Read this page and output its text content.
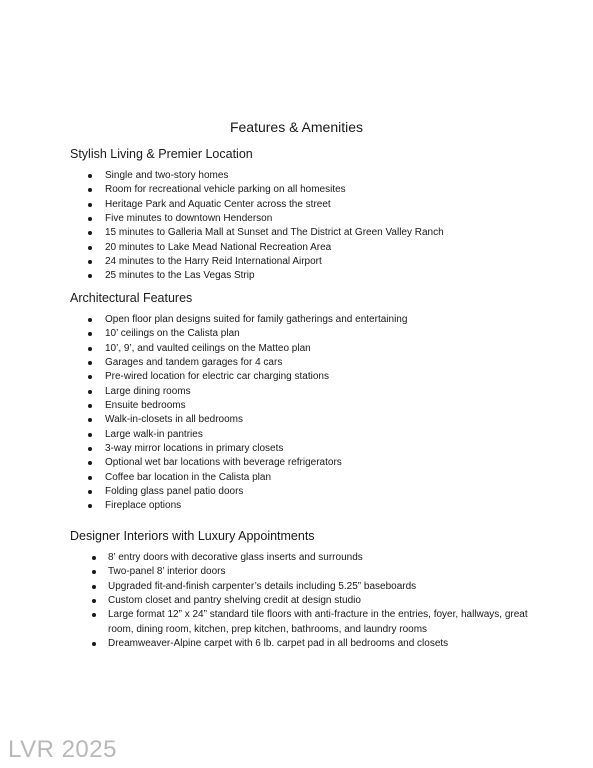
Features & Amenities
Stylish Living & Premier Location
Single and two-story homes
Room for recreational vehicle parking on all homesites
Heritage Park and Aquatic Center across the street
Five minutes to downtown Henderson
15 minutes to Galleria Mall at Sunset and The District at Green Valley Ranch
20 minutes to Lake Mead National Recreation Area
24 minutes to the Harry Reid International Airport
25 minutes to the Las Vegas Strip
Architectural Features
Open floor plan designs suited for family gatherings and entertaining
10’ ceilings on the Calista plan
10’, 9’, and vaulted ceilings on the Matteo plan
Garages and tandem garages for 4 cars
Pre-wired location for electric car charging stations
Large dining rooms
Ensuite bedrooms
Walk-in-closets in all bedrooms
Large walk-in pantries
3-way mirror locations in primary closets
Optional wet bar locations with beverage refrigerators
Coffee bar location in the Calista plan
Folding glass panel patio doors
Fireplace options
Designer Interiors with Luxury Appointments
8’ entry doors with decorative glass inserts and surrounds
Two-panel 8’ interior doors
Upgraded fit-and-finish carpenter’s details including 5.25” baseboards
Custom closet and pantry shelving credit at design studio
Large format 12” x 24” standard tile floors with anti-fracture in the entries, foyer, hallways, great room, dining room, kitchen, prep kitchen, bathrooms, and laundry rooms
Dreamweaver-Alpine carpet with 6 lb. carpet pad in all bedrooms and closets
LVR 2025
